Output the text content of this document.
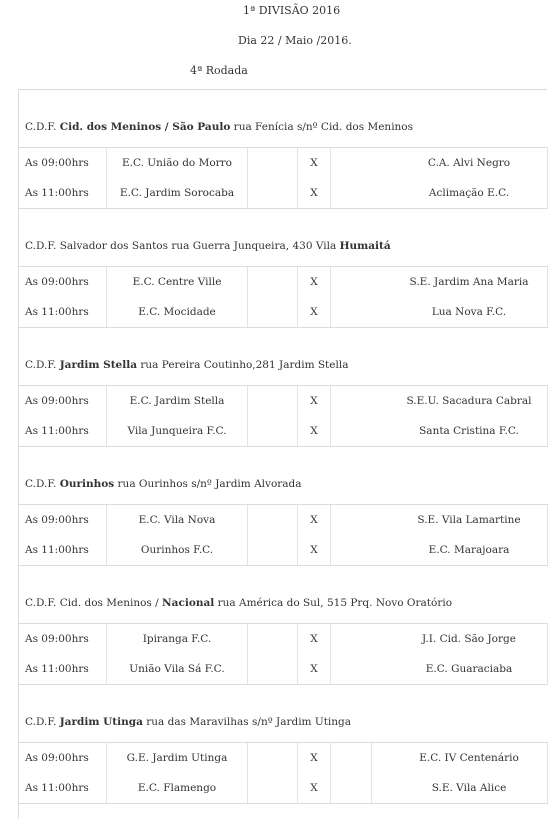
1ª DIVISÃO 2016
Dia 22 / Maio /2016.
4ª Rodada
C.D.F. Cid. dos Meninos / São Paulo rua Fenícia s/nº Cid. dos Meninos
As 09:00hrs	E.C. União do Morro	X	C.A. Alvi Negro
As 11:00hrs	E.C. Jardim Sorocaba	X	Aclimação E.C.
C.D.F. Salvador dos Santos rua Guerra Junqueira, 430 Vila Humaitá
As 09:00hrs	E.C. Centre Ville	X	S.E. Jardim Ana Maria
As 11:00hrs	E.C. Mocidade	X	Lua Nova F.C.
C.D.F. Jardim Stella rua Pereira Coutinho,281 Jardim Stella
As 09:00hrs	E.C. Jardim Stella	X	S.E.U. Sacadura Cabral
As 11:00hrs	Vila Junqueira F.C.	X	Santa Cristina F.C.
C.D.F. Ourinhos rua Ourinhos s/nº Jardim Alvorada
As 09:00hrs	E.C. Vila Nova	X	S.E. Vila Lamartine
As 11:00hrs	Ourinhos F.C.	X	E.C. Marajoara
C.D.F. Cid. dos Meninos / Nacional rua América do Sul, 515 Prq. Novo Oratório
As 09:00hrs	Ipiranga F.C.	X	J.I. Cid. São Jorge
As 11:00hrs	União Vila Sá F.C.	X	E.C. Guaraciaba
C.D.F. Jardim Utinga rua das Maravilhas s/nº Jardim Utinga
As 09:00hrs	G.E. Jardim Utinga	X	E.C. IV Centenário
As 11:00hrs	E.C. Flamengo	X	S.E. Vila Alice
